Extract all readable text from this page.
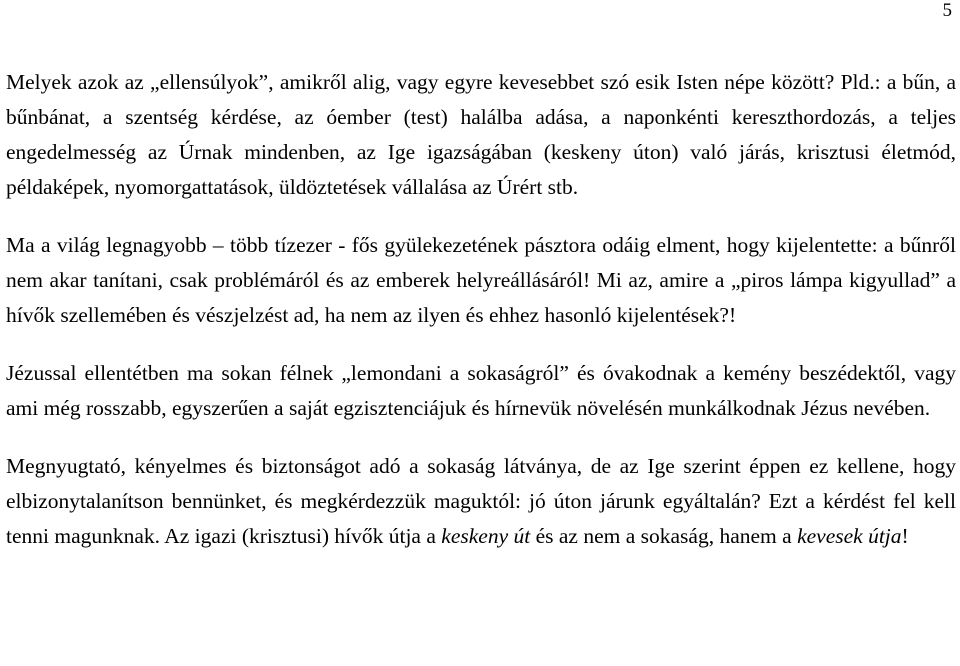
5

Melyek azok az „ellensúlyok”, amikről alig, vagy egyre kevesebbet szó esik Isten népe között? Pld.: a bűn, a bűnbánat, a szentség kérdése, az óember (test) halálba adása, a naponkénti kereszthordozás, a teljes engedelmesség az Úrnak mindenben, az Ige igazságában (keskeny úton) való járás, krisztusi életmód, példaképek, nyomorgattatások, üldöztetések vállalása az Úrért stb.

Ma a világ legnagyobb – több tízezer - fős gyülekezetének pásztora odáig elment, hogy kijelentette: a bűnről nem akar tanítani, csak problémáról és az emberek helyreállásáról! Mi az, amire a „piros lámpa kigyullad” a hívők szellemében és vészjelzést ad, ha nem az ilyen és ehhez hasonló kijelentések?!

Jézussal ellentétben ma sokan félnek „lemondani a sokaságról” és óvakodnak a kemény beszédektől, vagy ami még rosszabb, egyszerűen a saját egzisztenciájuk és hírnevük növelésén munkálkodnak Jézus nevében.

Megnyugtató, kényelmes és biztonságot adó a sokaság látványa, de az Ige szerint éppen ez kellene, hogy elbizonytalanítson bennünket, és megkérdezzük maguktól: jó úton járunk egyáltalán? Ezt a kérdést fel kell tenni magunknak. Az igazi (krisztusi) hívők útja a keskeny út és az nem a sokaság, hanem a kevesek útja!
